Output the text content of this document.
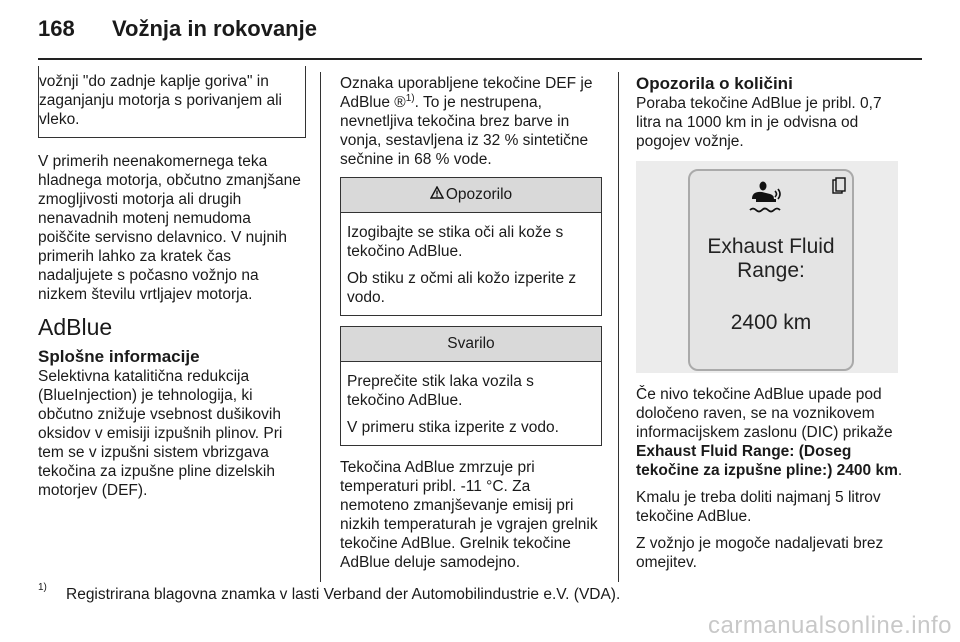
168 Vožnja in rokovanje

vožnji "do zadnje kaplje goriva" in zaganjanju motorja s porivanjem ali vleko.

V primerih neenakomernega teka hladnega motorja, občutno zmanjšane zmogljivosti motorja ali drugih nenavadnih motenj nemudoma poiščite servisno delavnico. V nujnih primerih lahko za kratek čas nadaljujete s počasno vožnjo na nizkem številu vrtljajev motorja.

AdBlue
Splošne informacije

Selektivna katalitična redukcija (BlueInjection) je tehnologija, ki občutno znižuje vsebnost dušikovih oksidov v emisiji izpušnih plinov. Pri tem se v izpušni sistem vbrizgava tekočina za izpušne pline dizelskih motorjev (DEF).

Oznaka uporabljene tekočine DEF je AdBlue ®$^{1)}$. To je nestrupena, nevnetljiva tekočina brez barve in vonja, sestavljena iz 32 % sintetične sečnine in 68 % vode.

Opozorilo

Izogibajte se stika oči ali kože s tekočino AdBlue.

Ob stiku z očmi ali kožo izperite z vodo.

Svarilo

Preprečite stik laka vozila s tekočino AdBlue.

V primeru stika izperite z vodo.

Tekočina AdBlue zmrzuje pri temperaturi pribl. -11 °C. Za nemoteno zmanjševanje emisij pri nizkih temperaturah je vgrajen grelnik tekočine AdBlue. Grelnik tekočine AdBlue deluje samodejno.

Opozorila o količini

Poraba tekočine AdBlue je pribl. 0,7 litra na 1000 km in je odvisna od pogojev vožnje.

Exhaust Fluid
Range:
2400 km

Če nivo tekočine AdBlue upade pod določeno raven, se na voznikovem informacijskem zaslonu (DIC) prikaže Exhaust Fluid Range: (Doseg tekočine za izpušne pline:) 2400 km.

Kmalu je treba doliti najmanj 5 litrov tekočine AdBlue.

Z vožnjo je mogoče nadaljevati brez omejitev.

1) Registrirana blagovna znamka v lasti Verband der Automobilindustrie e.V. (VDA).
carmanualsonline.info
